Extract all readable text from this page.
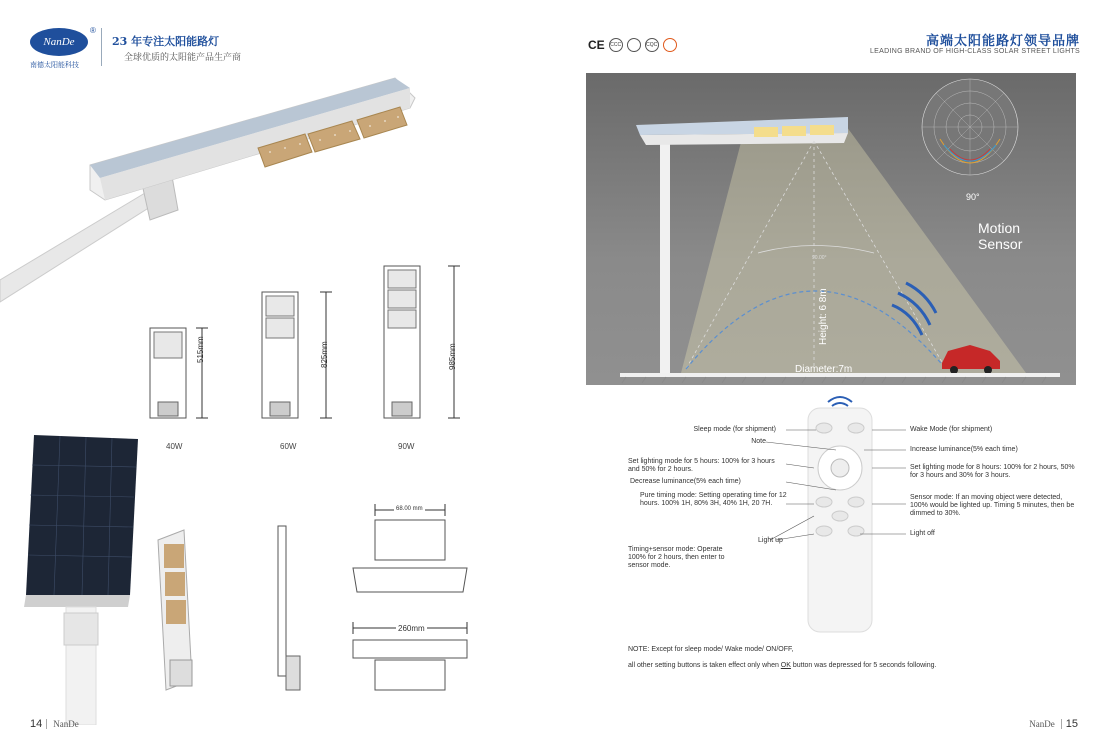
NanDe
®
南德太阳能科技
23 年专注太阳能路灯
全球优质的太阳能产品生产商
515mm	825mm	985mm
40W	60W	90W
68.00 mm
260mm
CE	CCC	CQC	高端太阳能路灯领导品牌
LEADING BRAND OF HIGH-CLASS SOLAR STREET LIGHTS
Motion Sensor
90°
90.00°
Height: 6 8m
Diameter:7m
Sleep mode (for shipment)
Note
Set lighting mode for 5 hours: 100% for 3 hours and 50% for 2 hours.
Decrease luminance(5% each time)
Pure timing mode: Setting operating time for 12 hours. 100% 1H, 80% 3H, 40% 1H, 20 7H.
Timing+sensor mode: Operate 100% for 2 hours, then enter to sensor mode.
Light up
Wake Mode (for shipment)
Increase luminance(5% each time)
Set lighting mode for 8 hours: 100% for 2 hours, 50% for 3 hours and 30% for 3 hours.
Sensor mode: If an moving object were detected, 100% would be lighted up. Timing 5 minutes, then be dimmed to 30%.
Light off
NOTE: Except for sleep mode/ Wake mode/ ON/OFF,
all other setting buttons is taken effect only when OK button was depressed for 5 seconds following.
14 NanDe	NanDe 15
